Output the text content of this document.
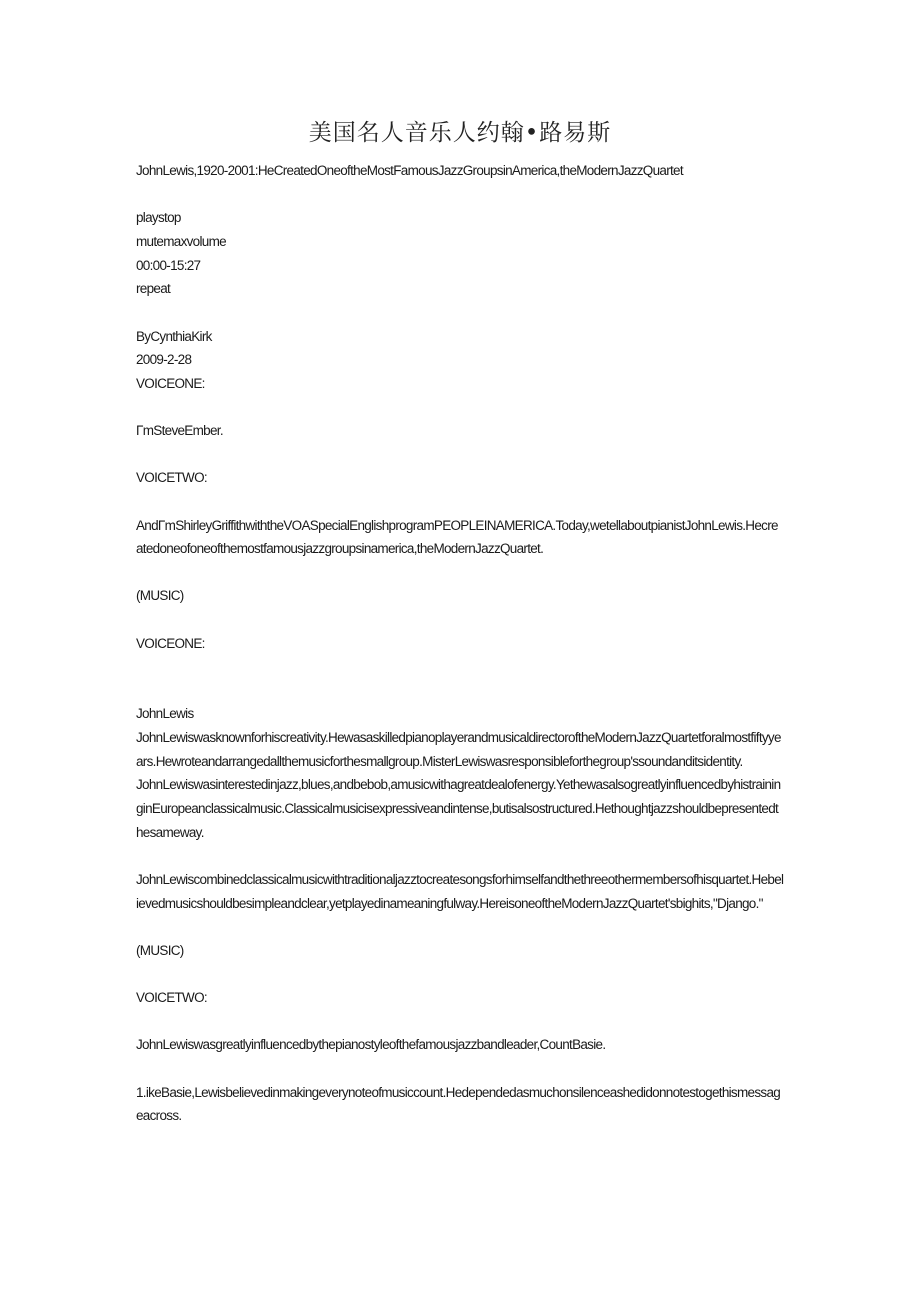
美国名人音乐人约翰•路易斯

JohnLewis,1920-2001:HeCreatedOneoftheMostFamousJazzGroupsinAmerica,theModernJazzQuartet

playstop

mutemaxvolume

00:00-15:27

repeat

ByCynthiaKirk

2009-2-28

VOICEONE:

ΓmSteveEmber.

VOICETWO:

AndΓmShirleyGriffithwiththeVOASpecialEnglishprogramPEOPLEINAMERICA.Today,wetellaboutpianistJohnLewis.Hecreatedoneofoneofthemostfamousjazzgroupsinamerica,theModernJazzQuartet.

(MUSIC)

VOICEONE:

JohnLewis

JohnLewiswasknownforhiscreativity.HewasaskilledpianoplayerandmusicaldirectoroftheModernJazzQuartetforalmostfiftyyears.Hewroteandarrangedallthemusicforthesmallgroup.MisterLewiswasresponsibleforthegroup'ssoundanditsidentity.

JohnLewiswasinterestedinjazz,blues,andbebob,amusicwithagreatdealofenergy.YethewasalsogreatlyinfluencedbyhistraininginEuropeanclassicalmusic.Classicalmusicisexpressiveandintense,butisalsostructured.Hethoughtjazzshouldbepresentedthesameway.

JohnLewiscombinedclassicalmusicwithtraditionaljazztocreatesongsforhimselfandthethreeothermembersofhisquartet.Hebelievedmusicshouldbesimpleandclear,yetplayedinameaningfulway.HereisoneoftheModernJazzQuartet'sbighits,"Django."

(MUSIC)

VOICETWO:

JohnLewiswasgreatlyinfluencedbythepianostyleofthefamousjazzbandleader,CountBasie.

1.ikeBasie,Lewisbelievedinmakingeverynoteofmusiccount.Hedependedasmuchonsilenceashedidonnotestogethismessageacross.
